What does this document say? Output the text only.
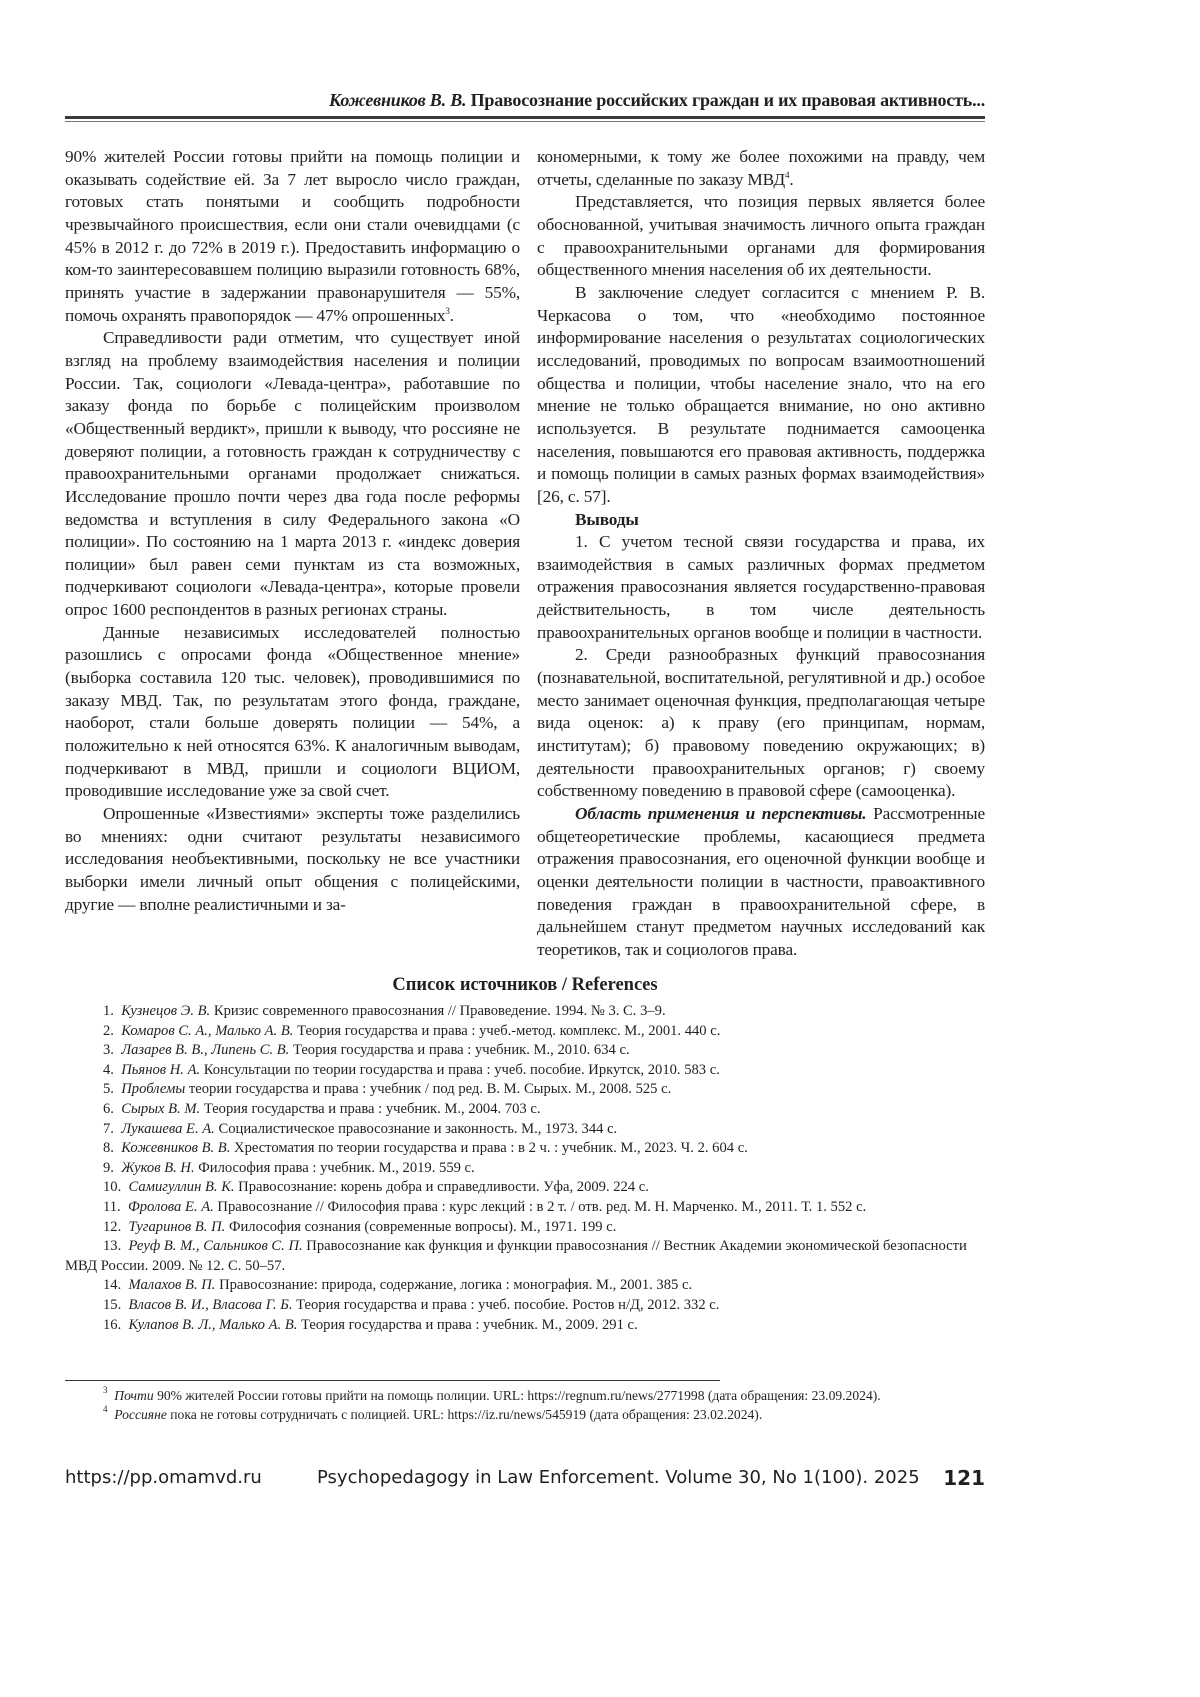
Кожевников В. В. Правосознание российских граждан и их правовая активность...

90% жителей России готовы прийти на помощь полиции и оказывать содействие ей. За 7 лет выросло число граждан, готовых стать понятыми и сообщить подробности чрезвычайного происшествия, если они стали очевидцами (с 45% в 2012 г. до 72% в 2019 г.). Предоставить информацию о ком-то заинтересовавшем полицию выразили готовность 68%, принять участие в задержании правонарушителя — 55%, помочь охранять правопорядок — 47% опрошенных3.

Справедливости ради отметим, что существует иной взгляд на проблему взаимодействия населения и полиции России. Так, социологи «Левада-центра», работавшие по заказу фонда по борьбе с полицейским произволом «Общественный вердикт», пришли к выводу, что россияне не доверяют полиции, а готовность граждан к сотрудничеству с правоохранительными органами продолжает снижаться. Исследование прошло почти через два года после реформы ведомства и вступления в силу Федерального закона «О полиции». По состоянию на 1 марта 2013 г. «индекс доверия полиции» был равен семи пунктам из ста возможных, подчеркивают социологи «Левада-центра», которые провели опрос 1600 респондентов в разных регионах страны.

Данные независимых исследователей полностью разошлись с опросами фонда «Общественное мнение» (выборка составила 120 тыс. человек), проводившимися по заказу МВД. Так, по результатам этого фонда, граждане, наоборот, стали больше доверять полиции — 54%, а положительно к ней относятся 63%. К аналогичным выводам, подчеркивают в МВД, пришли и социологи ВЦИОМ, проводившие исследование уже за свой счет.

Опрошенные «Известиями» эксперты тоже разделились во мнениях: одни считают результаты независимого исследования необъективными, поскольку не все участники выборки имели личный опыт общения с полицейскими, другие — вполне реалистичными и за-

кономерными, к тому же более похожими на правду, чем отчеты, сделанные по заказу МВД4.

Представляется, что позиция первых является более обоснованной, учитывая значимость личного опыта граждан с правоохранительными органами для формирования общественного мнения населения об их деятельности.

В заключение следует согласится с мнением Р. В. Черкасова о том, что «необходимо постоянное информирование населения о результатах социологических исследований, проводимых по вопросам взаимоотношений общества и полиции, чтобы население знало, что на его мнение не только обращается внимание, но оно активно используется. В результате поднимается самооценка населения, повышаются его правовая активность, поддержка и помощь полиции в самых разных формах взаимодействия» [26, с. 57].

Выводы

1. С учетом тесной связи государства и права, их взаимодействия в самых различных формах предметом отражения правосознания является государственно-правовая действительность, в том числе деятельность правоохранительных органов вообще и полиции в частности.

2. Среди разнообразных функций правосознания (познавательной, воспитательной, регулятивной и др.) особое место занимает оценочная функция, предполагающая четыре вида оценок: а) к праву (его принципам, нормам, институтам); б) правовому поведению окружающих; в) деятельности правоохранительных органов; г) своему собственному поведению в правовой сфере (самооценка).

Область применения и перспективы. Рассмотренные общетеоретические проблемы, касающиеся предмета отражения правосознания, его оценочной функции вообще и оценки деятельности полиции в частности, правоактивного поведения граждан в правоохранительной сфере, в дальнейшем станут предметом научных исследований как теоретиков, так и социологов права.

Список источников / References
1. Кузнецов Э. В. Кризис современного правосознания // Правоведение. 1994. № 3. С. 3–9.
2. Комаров С. А., Малько А. В. Теория государства и права : учеб.-метод. комплекс. М., 2001. 440 с.
3. Лазарев В. В., Липень С. В. Теория государства и права : учебник. М., 2010. 634 с.
4. Пьянов Н. А. Консультации по теории государства и права : учеб. пособие. Иркутск, 2010. 583 с.
5. Проблемы теории государства и права : учебник / под ред. В. М. Сырых. М., 2008. 525 с.
6. Сырых В. М. Теория государства и права : учебник. М., 2004. 703 с.
7. Лукашева Е. А. Социалистическое правосознание и законность. М., 1973. 344 с.
8. Кожевников В. В. Хрестоматия по теории государства и права : в 2 ч. : учебник. М., 2023. Ч. 2. 604 с.
9. Жуков В. Н. Философия права : учебник. М., 2019. 559 с.
10. Самигуллин В. К. Правосознание: корень добра и справедливости. Уфа, 2009. 224 с.
11. Фролова Е. А. Правосознание // Философия права : курс лекций : в 2 т. / отв. ред. М. Н. Марченко. М., 2011. Т. 1. 552 с.
12. Тугаринов В. П. Философия сознания (современные вопросы). М., 1971. 199 с.
13. Реуф В. М., Сальников С. П. Правосознание как функция и функции правосознания // Вестник Академии экономической безопасности МВД России. 2009. № 12. С. 50–57.
14. Малахов В. П. Правосознание: природа, содержание, логика : монография. М., 2001. 385 с.
15. Власов В. И., Власова Г. Б. Теория государства и права : учеб. пособие. Ростов н/Д, 2012. 332 с.
16. Кулапов В. Л., Малько А. В. Теория государства и права : учебник. М., 2009. 291 с.
3 Почти 90% жителей России готовы прийти на помощь полиции. URL: https://regnum.ru/news/2771998 (дата обращения: 23.09.2024).
4 Россияне пока не готовы сотрудничать с полицией. URL: https://iz.ru/news/545919 (дата обращения: 23.02.2024).
https://pp.omamvd.ru	Psychopedagogy in Law Enforcement. Volume 30, No 1(100). 2025 121
